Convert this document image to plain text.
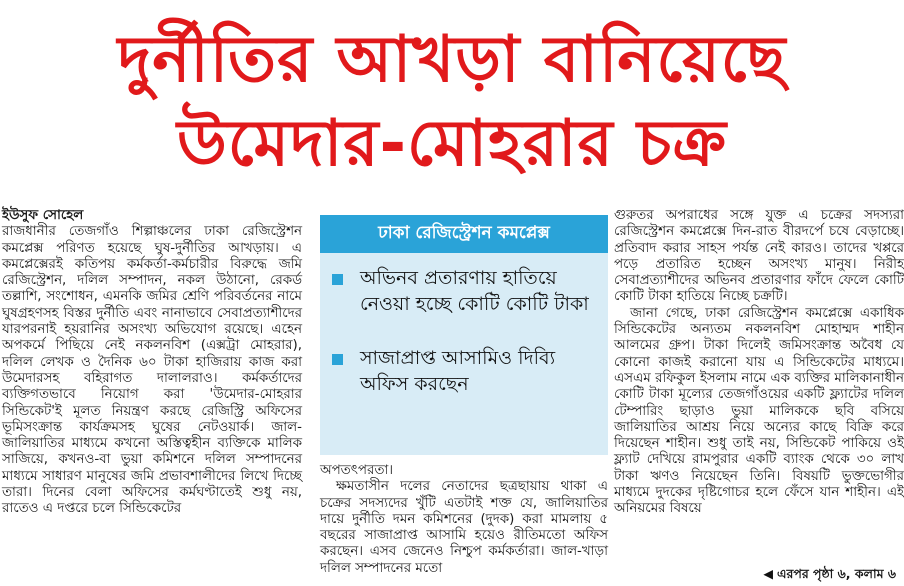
দুর্নীতির আখড়া বানিয়েছে
উমেদার-মোহরার চক্র

ইউসুফ সোহেল

রাজধানীর তেজগাঁও শিল্পাঞ্চলের ঢাকা রেজিস্ট্রেশন কমপ্লেক্স পরিণত হয়েছে ঘুষ-দুর্নীতির আখড়ায়। এ কমপ্লেক্সেরই কতিপয় কর্মকর্তা-কর্মচারীর বিরুদ্ধে জমি রেজিস্ট্রেশন, দলিল সম্পাদন, নকল উঠানো, রেকর্ড তল্লাশি, সংশোধন, এমনকি জমির শ্রেণি পরিবর্তনের নামে ঘুষগ্রহণসহ বিস্তর দুর্নীতি এবং নানাভাবে সেবাপ্রত্যাশীদের যারপরনাই হয়রানির অসংখ্য অভিযোগ রয়েছে। এহেন অপকর্মে পিছিয়ে নেই নকলনবিশ (এক্সট্রা মোহরার), দলিল লেখক ও দৈনিক ৬০ টাকা হাজিরায় কাজ করা উমেদারসহ বহিরাগত দালালরাও। কর্মকর্তাদের ব্যক্তিগতভাবে নিয়োগ করা 'উমেদার-মোহরার সিন্ডিকেট'ই মূলত নিয়ন্ত্রণ করছে রেজিস্ট্রি অফিসের ভূমিসংক্রান্ত কার্যক্রমসহ ঘুষের নেটওয়ার্ক। জাল-জালিয়াতির মাধ্যমে কখনো অস্তিত্বহীন ব্যক্তিকে মালিক সাজিয়ে, কখনও-বা ভুয়া কমিশনে দলিল সম্পাদনের মাধ্যমে সাধারণ মানুষের জমি প্রভাবশালীদের লিখে দিচ্ছে তারা। দিনের বেলা অফিসের কর্মঘণ্টাতেই শুধু নয়, রাতেও এ দপ্তরে চলে সিন্ডিকেটের

ঢাকা রেজিস্ট্রেশন কমপ্লেক্স
অভিনব প্রতারণায় হাতিয়ে নেওয়া হচ্ছে কোটি কোটি টাকা
সাজাপ্রাপ্ত আসামিও দিব্যি অফিস করছেন

অপতৎপরতা।

ক্ষমতাসীন দলের নেতাদের ছত্রছায়ায় থাকা এ চক্রের সদস্যদের খুঁটি এতটাই শক্ত যে, জালিয়াতির দায়ে দুর্নীতি দমন কমিশনের (দুদক) করা মামলায় ৫ বছরের সাজাপ্রাপ্ত আসামি হয়েও রীতিমতো অফিস করছেন। এসব জেনেও নিশ্চুপ কর্মকর্তারা। জাল-খাড়া দলিল সম্পাদনের মতো

গুরুতর অপরাধের সঙ্গে যুক্ত এ চক্রের সদস্যরা রেজিস্ট্রেশন কমপ্লেক্সে দিন-রাত বীরদর্পে চষে বেড়াচ্ছে। প্রতিবাদ করার সাহস পর্যন্ত নেই কারও। তাদের খপ্পরে পড়ে প্রতারিত হচ্ছেন অসংখ্য মানুষ। নিরীহ সেবাপ্রত্যাশীদের অভিনব প্রতারণার ফাঁদে ফেলে কোটি কোটি টাকা হাতিয়ে নিচ্ছে চক্রটি।

জানা গেছে, ঢাকা রেজিস্ট্রেশন কমপ্লেক্সে একাধিক সিন্ডিকেটের অন্যতম নকলনবিশ মোহাম্মদ শাহীন আলমের গ্রুপ। টাকা দিলেই জমিসংক্রান্ত অবৈধ যে কোনো কাজই করানো যায় এ সিন্ডিকেটের মাধ্যমে। এসএম রফিকুল ইসলাম নামে এক ব্যক্তির মালিকানাধীন কোটি টাকা মূল্যের তেজগাঁওয়ের একটি ফ্ল্যাটের দলিল টেম্পারিং ছাড়াও ভুয়া মালিককে ছবি বসিয়ে জালিয়াতির আশ্রয় নিয়ে অন্যের কাছে বিক্রি করে দিয়েছেন শাহীন। শুধু তাই নয়, সিন্ডিকেট পাকিয়ে ওই ফ্ল্যাট দেখিয়ে রামপুরার একটি ব্যাংক থেকে ৩০ লাখ টাকা ঋণও নিয়েছেন তিনি। বিষয়টি ভুক্তভোগীর মাধ্যমে দুদকের দৃষ্টিগোচর হলে ফেঁসে যান শাহীন। এই অনিয়মের বিষয়ে

◀ এরপর পৃষ্ঠা ৬, কলাম ৬
